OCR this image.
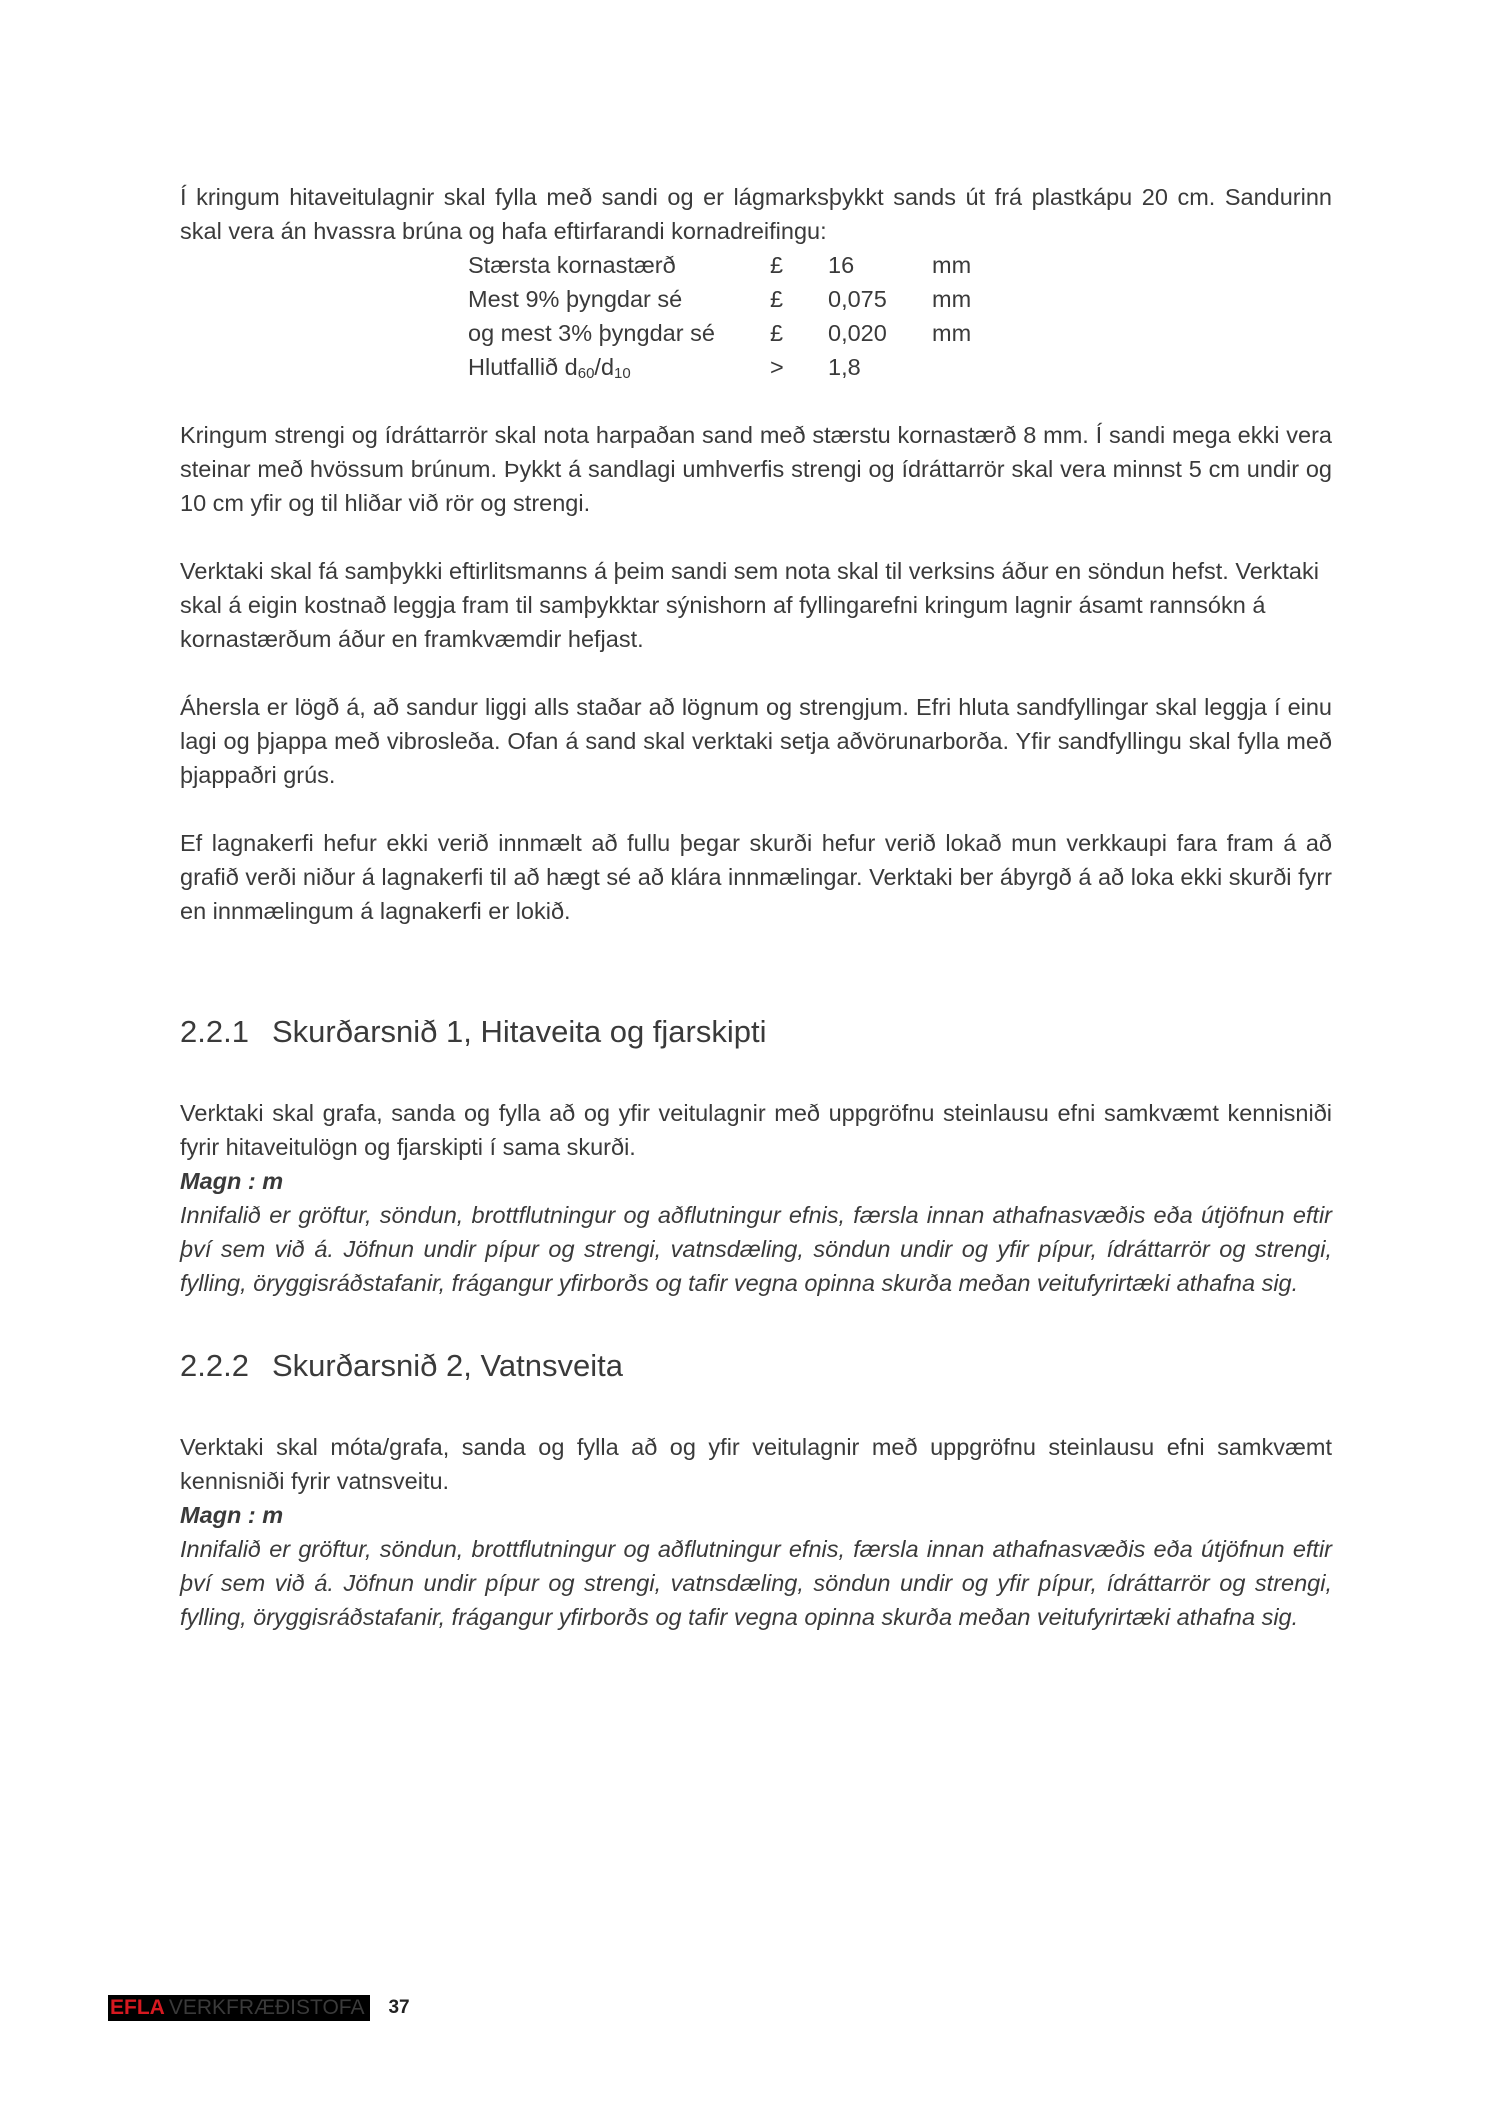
Í kringum hitaveitulagnir skal fylla með sandi og er lágmarksþykkt sands út frá plastkápu 20 cm. Sandurinn skal vera án hvassra brúna og hafa eftirfarandi kornadreifingu:

Stærsta kornastærð	£	16	mm
Mest 9% þyngdar sé	£	0,075	mm
og mest 3% þyngdar sé	£	0,020	mm
Hlutfallið $d_{60}/d_{10}$	>	1,8	

Kringum strengi og ídráttarrör skal nota harpaðan sand með stærstu kornastærð 8 mm. Í sandi mega ekki vera steinar með hvössum brúnum. Þykkt á sandlagi umhverfis strengi og ídráttarrör skal vera minnst 5 cm undir og 10 cm yfir og til hliðar við rör og strengi.

Verktaki skal fá samþykki eftirlitsmanns á þeim sandi sem nota skal til verksins áður en söndun hefst. Verktaki skal á eigin kostnað leggja fram til samþykktar sýnishorn af fyllingarefni kringum lagnir ásamt rannsókn á kornastærðum áður en framkvæmdir hefjast.

Áhersla er lögð á, að sandur liggi alls staðar að lögnum og strengjum. Efri hluta sandfyllingar skal leggja í einu lagi og þjappa með vibrosleða. Ofan á sand skal verktaki setja aðvörunarborða. Yfir sandfyllingu skal fylla með þjappaðri grús.

Ef lagnakerfi hefur ekki verið innmælt að fullu þegar skurði hefur verið lokað mun verkkaupi fara fram á að grafið verði niður á lagnakerfi til að hægt sé að klára innmælingar. Verktaki ber ábyrgð á að loka ekki skurði fyrr en innmælingum á lagnakerfi er lokið.

2.2.1 Skurðarsnið 1, Hitaveita og fjarskipti

Verktaki skal grafa, sanda og fylla að og yfir veitulagnir með uppgröfnu steinlausu efni samkvæmt kennisniði fyrir hitaveitulögn og fjarskipti í sama skurði.

Magn : m

Innifalið er gröftur, söndun, brottflutningur og aðflutningur efnis, færsla innan athafnasvæðis eða útjöfnun eftir því sem við á. Jöfnun undir pípur og strengi, vatnsdæling, söndun undir og yfir pípur, ídráttarrör og strengi, fylling, öryggisráðstafanir, frágangur yfirborðs og tafir vegna opinna skurða meðan veitufyrirtæki athafna sig.

2.2.2 Skurðarsnið 2, Vatnsveita

Verktaki skal móta/grafa, sanda og fylla að og yfir veitulagnir með uppgröfnu steinlausu efni samkvæmt kennisniði fyrir vatnsveitu.

Magn : m

Innifalið er gröftur, söndun, brottflutningur og aðflutningur efnis, færsla innan athafnasvæðis eða útjöfnun eftir því sem við á. Jöfnun undir pípur og strengi, vatnsdæling, söndun undir og yfir pípur, ídráttarrör og strengi, fylling, öryggisráðstafanir, frágangur yfirborðs og tafir vegna opinna skurða meðan veitufyrirtæki athafna sig.

EFLA VERKFRÆÐISTOFA 37
